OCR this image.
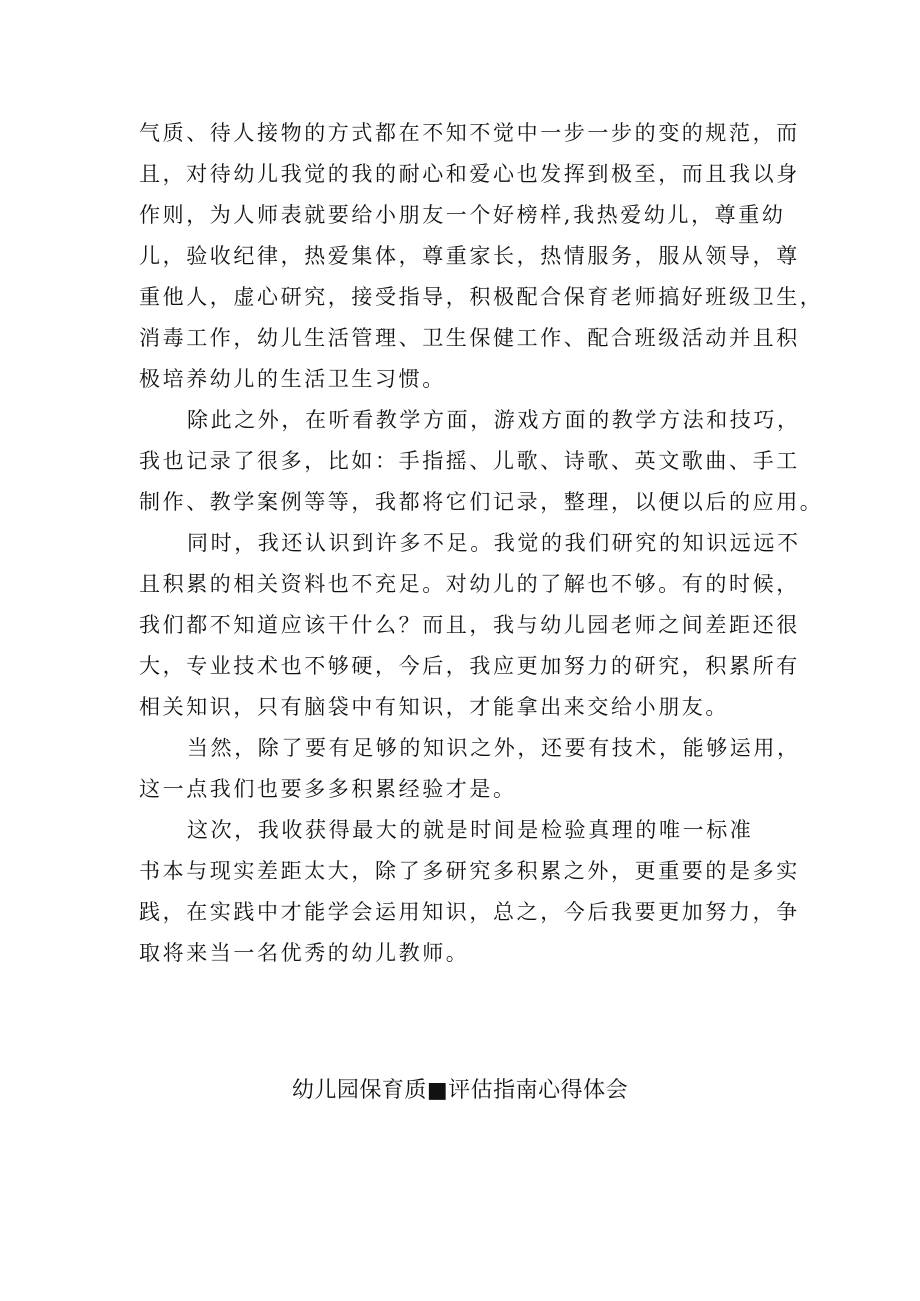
气质、待人接物的方式都在不知不觉中一步一步的变的规范，而
且，对待幼儿我觉的我的耐心和爱心也发挥到极至，而且我以身
作则，为人师表就要给小朋友一个好榜样,我热爱幼儿，尊重幼
儿，验收纪律，热爱集体，尊重家长，热情服务，服从领导，尊
重他人，虚心研究，接受指导，积极配合保育老师搞好班级卫生，
消毒工作，幼儿生活管理、卫生保健工作、配合班级活动并且积
极培养幼儿的生活卫生习惯。

除此之外，在听看教学方面，游戏方面的教学方法和技巧，
我也记录了很多，比如：手指摇、儿歌、诗歌、英文歌曲、手工
制作、教学案例等等，我都将它们记录，整理，以便以后的应用。

同时，我还认识到许多不足。我觉的我们研究的知识远远不
且积累的相关资料也不充足。对幼儿的了解也不够。有的时候，
我们都不知道应该干什么？而且，我与幼儿园老师之间差距还很
大，专业技术也不够硬，今后，我应更加努力的研究，积累所有
相关知识，只有脑袋中有知识，才能拿出来交给小朋友。

当然，除了要有足够的知识之外，还要有技术，能够运用，
这一点我们也要多多积累经验才是。

这次，我收获得最大的就是时间是检验真理的唯一标准
书本与现实差距太大，除了多研究多积累之外，更重要的是多实
践，在实践中才能学会运用知识，总之，今后我要更加努力，争
取将来当一名优秀的幼儿教师。

幼儿园保育质■评估指南心得体会
